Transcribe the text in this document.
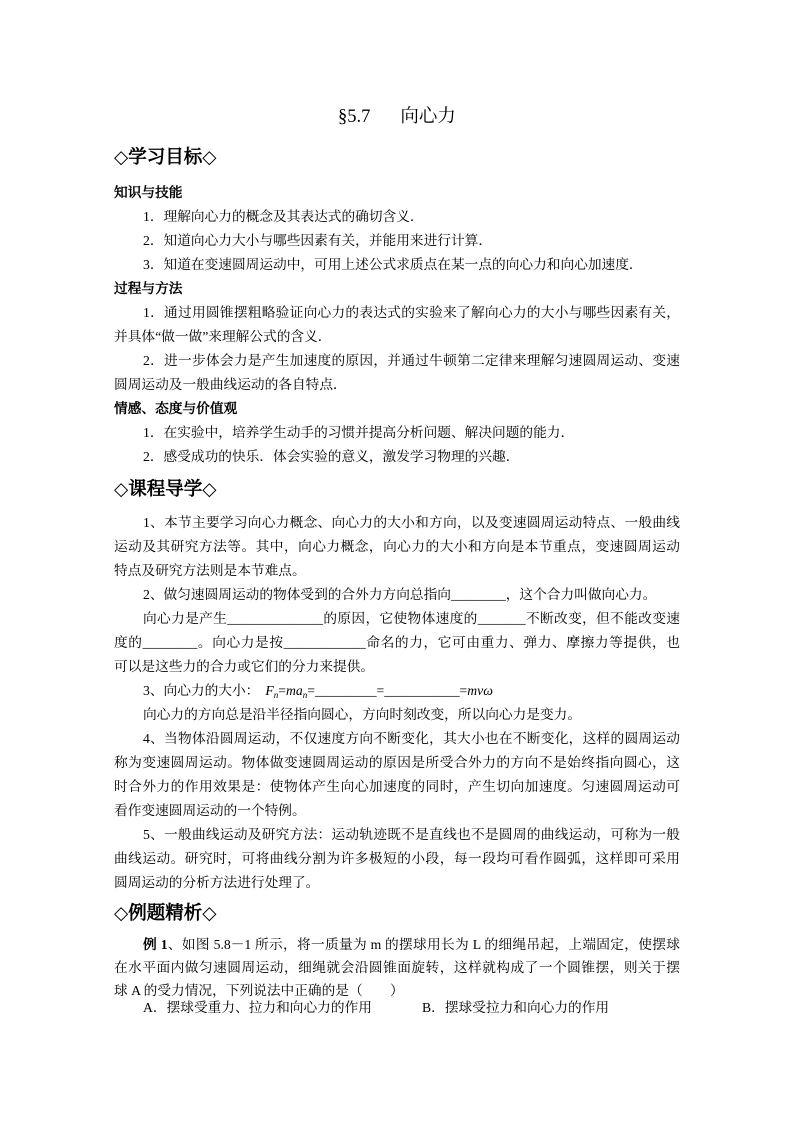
§5.7 向心力
◇学习目标◇
知识与技能
1．理解向心力的概念及其表达式的确切含义．
2．知道向心力大小与哪些因素有关，并能用来进行计算．
3．知道在变速圆周运动中，可用上述公式求质点在某一点的向心力和向心加速度．
过程与方法
1．通过用圆锥摆粗略验证向心力的表达式的实验来了解向心力的大小与哪些因素有关，
并具体“做一做”来理解公式的含义．
2．进一步体会力是产生加速度的原因，并通过牛顿第二定律来理解匀速圆周运动、变速
圆周运动及一般曲线运动的各自特点．
情感、态度与价值观
1．在实验中，培养学生动手的习惯并提高分析问题、解决问题的能力．
2．感受成功的快乐．体会实验的意义，激发学习物理的兴趣．
◇课程导学◇
1、本节主要学习向心力概念、向心力的大小和方向，以及变速圆周运动特点、一般曲线
运动及其研究方法等。其中，向心力概念，向心力的大小和方向是本节重点，变速圆周运动
特点及研究方法则是本节难点。
2、做匀速圆周运动的物体受到的合外力方向总指向________，这个合力叫做向心力。
向心力是产生______________的原因，它使物体速度的_______不断改变，但不能改变速
度的________。向心力是按____________命名的力，它可由重力、弹力、摩擦力等提供，也
可以是这些力的合力或它们的分力来提供。
3、向心力的大小： $F_n=ma_n=\_\_\_\_\_\_\_\_\_=\_\_\_\_\_\_\_\_\_\_\_=mv\omega$
向心力的方向总是沿半径指向圆心，方向时刻改变，所以向心力是变力。
4、当物体沿圆周运动，不仅速度方向不断变化，其大小也在不断变化，这样的圆周运动
称为变速圆周运动。物体做变速圆周运动的原因是所受合外力的方向不是始终指向圆心，这
时合外力的作用效果是：使物体产生向心加速度的同时，产生切向加速度。匀速圆周运动可
看作变速圆周运动的一个特例。
5、一般曲线运动及研究方法：运动轨迹既不是直线也不是圆周的曲线运动，可称为一般
曲线运动。研究时，可将曲线分割为许多极短的小段，每一段均可看作圆弧，这样即可采用
圆周运动的分析方法进行处理了。
◇例题精析◇
例 1、如图 5.8－1 所示，将一质量为 m 的摆球用长为 L 的细绳吊起，上端固定，使摆球
在水平面内做匀速圆周运动，细绳就会沿圆锥面旋转，这样就构成了一个圆锥摆，则关于摆
球 A 的受力情况，下列说法中正确的是（　　）
A．摆球受重力、拉力和向心力的作用	B．摆球受拉力和向心力的作用
